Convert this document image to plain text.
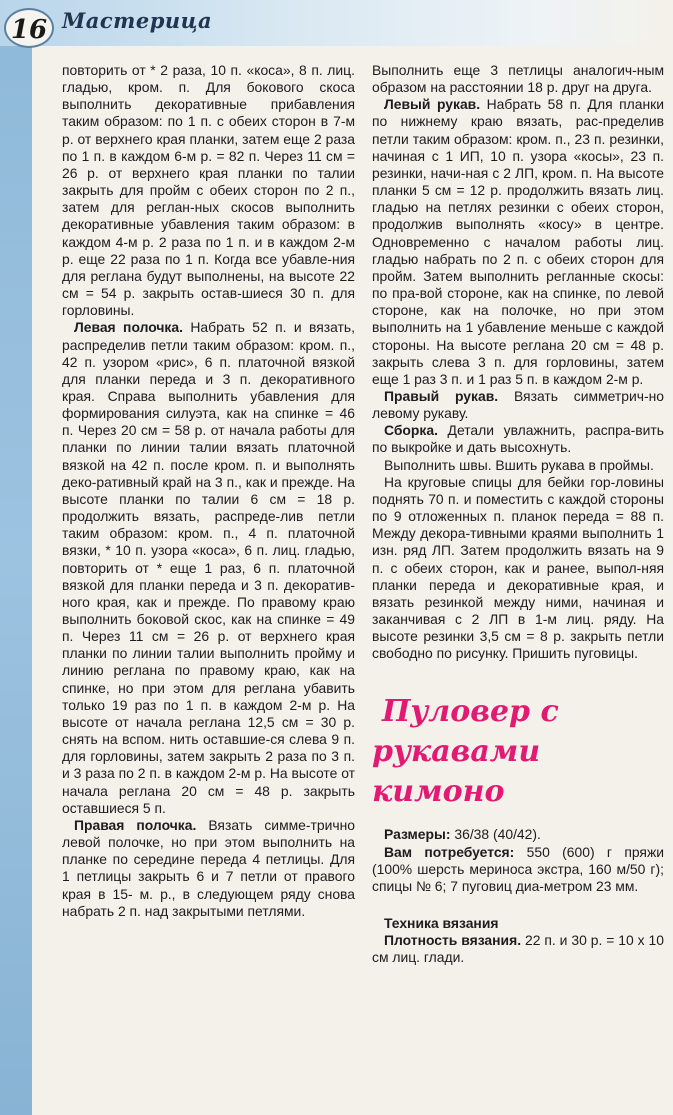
16 Мастерица

повторить от * 2 раза, 10 п. «коса», 8 п. лиц. гладью, кром. п. Для бокового скоса выполнить декоративные прибавления таким образом: по 1 п. с обеих сторон в 7-м р. от верхнего края планки, затем еще 2 раза по 1 п. в каждом 6-м р. = 82 п. Через 11 см = 26 р. от верхнего края планки по талии закрыть для пройм с обеих сторон по 2 п., затем для реглан-ных скосов выполнить декоративные убавления таким образом: в каждом 4-м р. 2 раза по 1 п. и в каждом 2-м р. еще 22 раза по 1 п. Когда все убавле-ния для реглана будут выполнены, на высоте 22 см = 54 р. закрыть остав-шиеся 30 п. для горловины.

Левая полочка. Набрать 52 п. и вязать, распределив петли таким образом: кром. п., 42 п. узором «рис», 6 п. платочной вязкой для планки переда и 3 п. декоративного края. Справа выполнить убавления для формирования силуэта, как на спинке = 46 п. Через 20 см = 58 р. от начала работы для планки по линии талии вязать платочной вязкой на 42 п. после кром. п. и выполнять деко-ративный край на 3 п., как и прежде. На высоте планки по талии 6 см = 18 р. продолжить вязать, распреде-лив петли таким образом: кром. п., 4 п. платочной вязки, * 10 п. узора «коса», 6 п. лиц. гладью, повторить от * еще 1 раз, 6 п. платочной вязкой для планки переда и 3 п. декоратив-ного края, как и прежде. По правому краю выполнить боковой скос, как на спинке = 49 п. Через 11 см = 26 р. от верхнего края планки по линии талии выполнить пройму и линию реглана по правому краю, как на спинке, но при этом для реглана убавить только 19 раз по 1 п. в каждом 2-м р. На высоте от начала реглана 12,5 см = 30 р. снять на вспом. нить оставшие-ся слева 9 п. для горловины, затем закрыть 2 раза по 3 п. и 3 раза по 2 п. в каждом 2-м р. На высоте от начала реглана 20 см = 48 р. закрыть оставшиеся 5 п.

Правая полочка. Вязать симме-трично левой полочке, но при этом выполнить на планке по середине переда 4 петлицы. Для 1 петлицы закрыть 6 и 7 петли от правого края в 15- м. р., в следующем ряду снова набрать 2 п. над закрытыми петлями.

Выполнить еще 3 петлицы аналогич-ным образом на расстоянии 18 р. друг на друга.

Левый рукав. Набрать 58 п. Для планки по нижнему краю вязать, рас-пределив петли таким образом: кром. п., 23 п. резинки, начиная с 1 ИП, 10 п. узора «косы», 23 п. резинки, начи-ная с 2 ЛП, кром. п. На высоте планки 5 см = 12 р. продолжить вязать лиц. гладью на петлях резинки с обеих сторон, продолжив выполнять «косу» в центре. Одновременно с началом работы лиц. гладью набрать по 2 п. с обеих сторон для пройм. Затем выполнить регланные скосы: по пра-вой стороне, как на спинке, по левой стороне, как на полочке, но при этом выполнить на 1 убавление меньше с каждой стороны. На высоте реглана 20 см = 48 р. закрыть слева 3 п. для горловины, затем еще 1 раз 3 п. и 1 раз 5 п. в каждом 2-м р.

Правый рукав. Вязать симметрич-но левому рукаву.

Сборка. Детали увлажнить, распра-вить по выкройке и дать высохнуть.

Выполнить швы. Вшить рукава в проймы.

На круговые спицы для бейки гор-ловины поднять 70 п. и поместить с каждой стороны по 9 отложенных п. планок переда = 88 п. Между декора-тивными краями выполнить 1 изн. ряд ЛП. Затем продолжить вязать на 9 п. с обеих сторон, как и ранее, выпол-няя планки переда и декоративные края, и вязать резинкой между ними, начиная и заканчивая с 2 ЛП в 1-м лиц. ряду. На высоте резинки 3,5 см = 8 р. закрыть петли свободно по рисунку. Пришить пуговицы.

Пуловер с
рукавами кимоно

Размеры: 36/38 (40/42).

Вам потребуется: 550 (600) г пряжи (100% шерсть мериноса экстра, 160 м/50 г); спицы № 6; 7 пуговиц диа-метром 23 мм.

Техника вязания

Плотность вязания. 22 п. и 30 р. = 10 х 10 см лиц. глади.
